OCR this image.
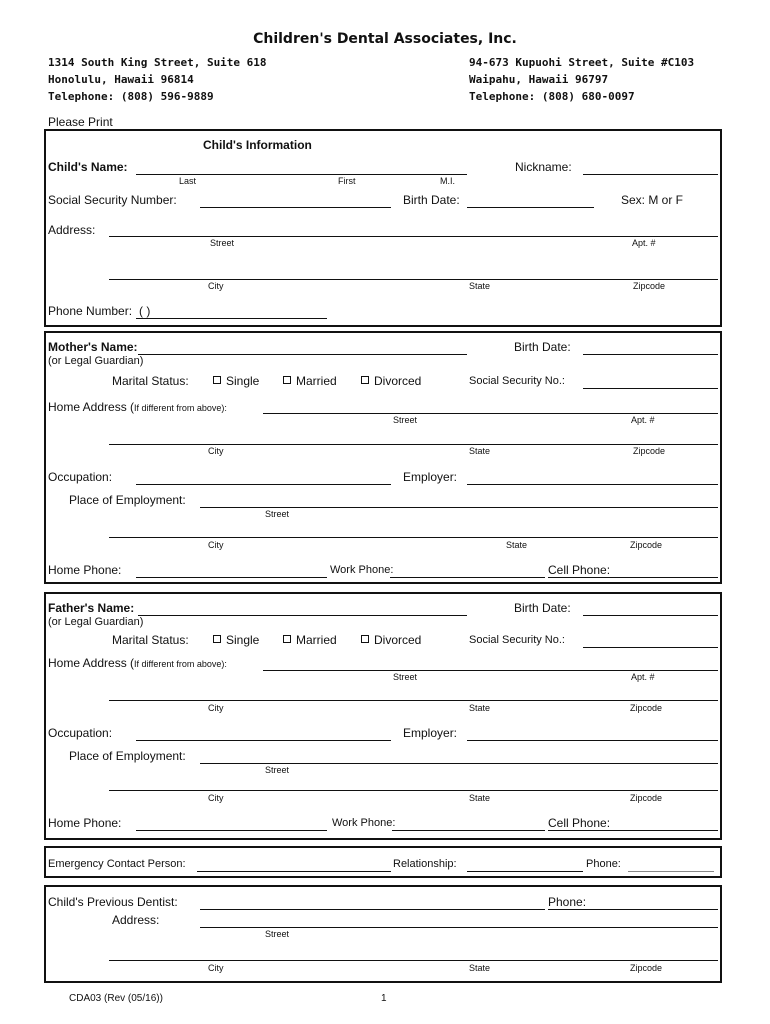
Children's Dental Associates, Inc.
1314 South King Street, Suite 618
Honolulu, Hawaii 96814
Telephone: (808) 596-9889
94-673 Kupuohi Street, Suite #C103
Waipahu, Hawaii 96797
Telephone: (808) 680-0097
Please Print
Child's Information
Child's Name:
Last	First	M.I.
Nickname:
Social Security Number:	Birth Date:	Sex: M or F
Address:
Street	Apt. #
City	State	Zipcode
Phone Number: ( )
Mother's Name:
(or Legal Guardian)
Birth Date:
Marital Status:	Single	Married	Divorced	Social Security No.:
Home Address (If different from above):
Street	Apt. #
City	State	Zipcode
Occupation:	Employer:
Place of Employment:
Street
City	State	Zipcode
Home Phone:	Work Phone:	Cell Phone:
Father's Name:
(or Legal Guardian)
Birth Date:
Marital Status:	Single	Married	Divorced	Social Security No.:
Home Address (If different from above):
Street	Apt. #
City	State	Zipcode
Occupation:	Employer:
Place of Employment:
Street
City	State	Zipcode
Home Phone:	Work Phone:	Cell Phone:
Emergency Contact Person:	Relationship:	Phone:
Child's Previous Dentist:	Phone:
Address:
Street
City	State	Zipcode
CDA03 (Rev (05/16))	1
